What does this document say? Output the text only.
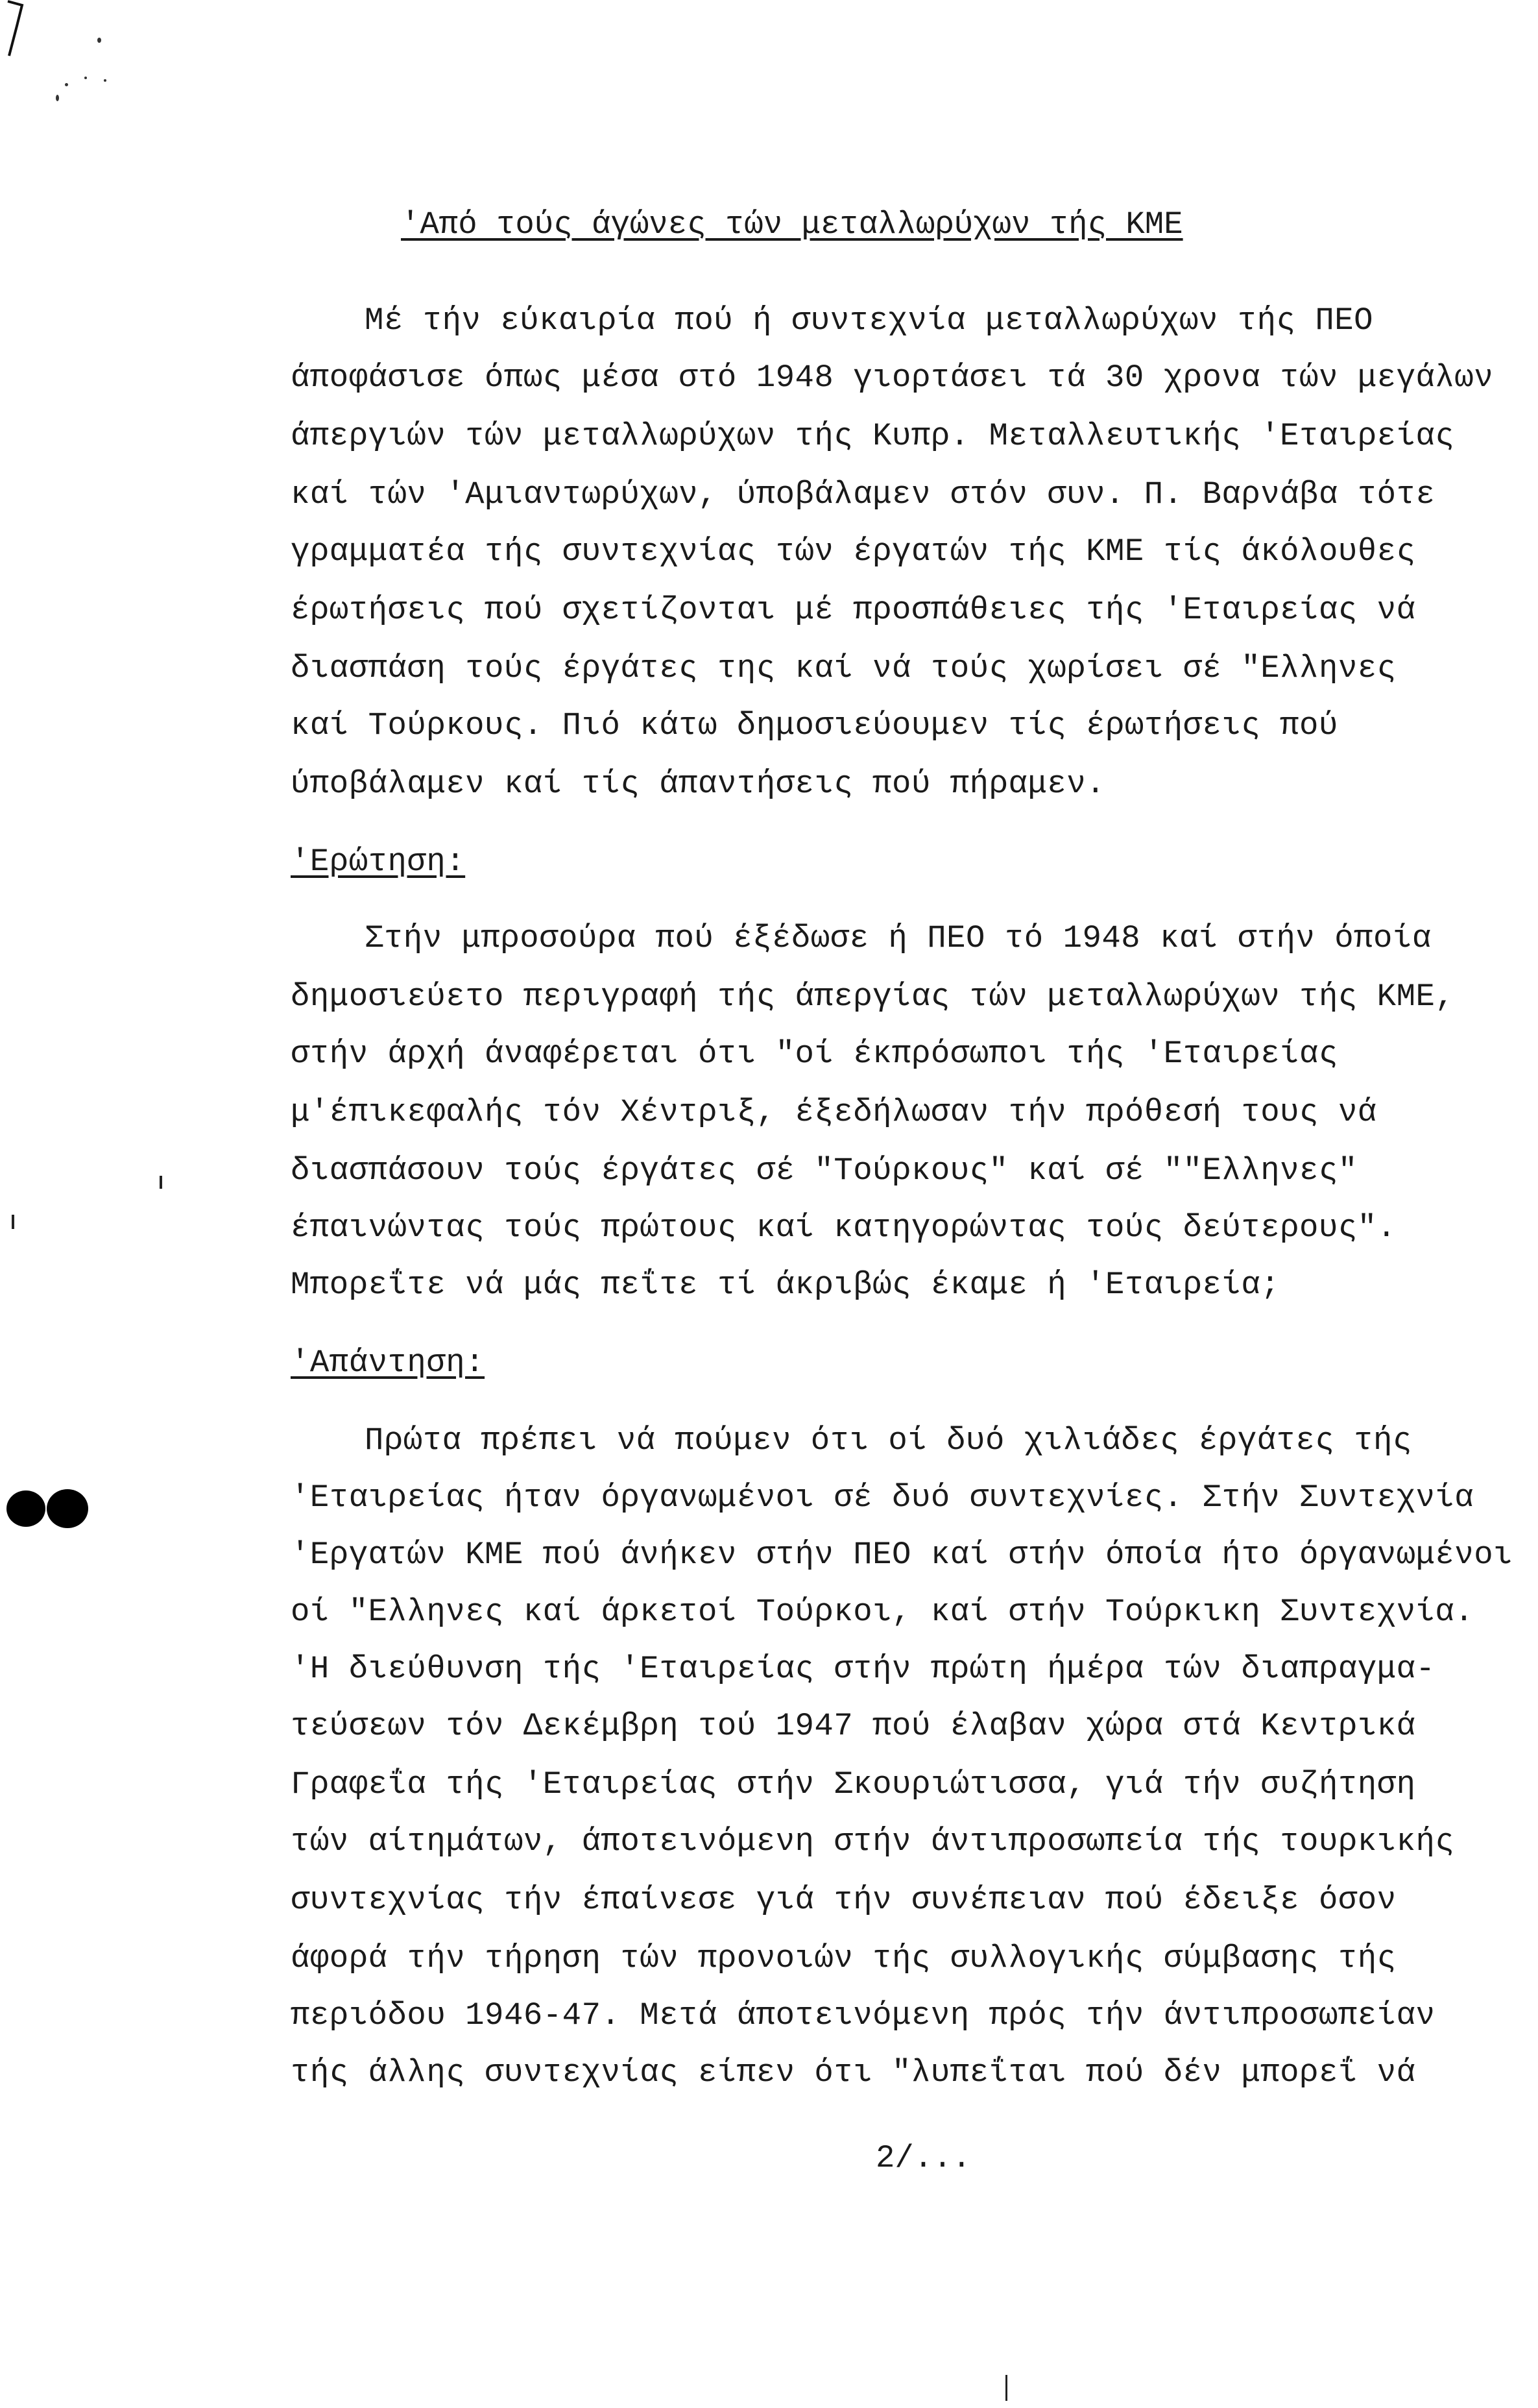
'Από τούς άγώνες τών μεταλλωρύχων τής ΚΜΕ
Μέ τήν εύκαιρία πού ή συντεχνία μεταλλωρύχων τής ΠΕΟ
άποφάσισε όπως μέσα στό 1948 γιορτάσει τά 30 χρονα τών μεγάλων
άπεργιών τών μεταλλωρύχων τής Κυπρ. Μεταλλευτικής 'Εταιρείας
καί τών 'Αμιαντωρύχων, ύποβάλαμεν στόν συν. Π. Βαρνάβα τότε
γραμματέα τής συντεχνίας τών έργατών τής ΚΜΕ τίς άκόλουθες
έρωτήσεις πού σχετίζονται μέ προσπάθειες τής 'Εταιρείας νά
διασπάση τούς έργάτες της καί νά τούς χωρίσει σέ "Ελληνες
καί Τούρκους. Πιό κάτω δημοσιεύουμεν τίς έρωτήσεις πού
ύποβάλαμεν καί τίς άπαντήσεις πού πήραμεν.
'Ερώτηση:
Στήν μπροσούρα πού έξέδωσε ή ΠΕΟ τό 1948 καί στήν όποία
δημοσιεύετο περιγραφή τής άπεργίας τών μεταλλωρύχων τής ΚΜΕ,
στήν άρχή άναφέρεται ότι "οί έκπρόσωποι τής 'Εταιρείας
μ'έπικεφαλής τόν Χέντριξ, έξεδήλωσαν τήν πρόθεσή τους νά
διασπάσουν τούς έργάτες σέ "Τούρκους" καί σέ ""Ελληνες"
έπαινώντας τούς πρώτους καί κατηγορώντας τούς δεύτερους".
Μπορεΐτε νά μάς πεΐτε τί άκριβώς έκαμε ή 'Εταιρεία;
'Απάντηση:
Πρώτα πρέπει νά πούμεν ότι οί δυό χιλιάδες έργάτες τής
'Εταιρείας ήταν όργανωμένοι σέ δυό συντεχνίες. Στήν Συντεχνία
'Εργατών ΚΜΕ πού άνήκεν στήν ΠΕΟ καί στήν όποία ήτο όργανωμένοι
οί "Ελληνες καί άρκετοί Τούρκοι, καί στήν Τούρκικη Συντεχνία.
'Η διεύθυνση τής 'Εταιρείας στήν πρώτη ήμέρα τών διαπραγμα-
τεύσεων τόν Δεκέμβρη τού 1947 πού έλαβαν χώρα στά Κεντρικά
Γραφεΐα τής 'Εταιρείας στήν Σκουριώτισσα, γιά τήν συζήτηση
τών αίτημάτων, άποτεινόμενη στήν άντιπροσωπεία τής τουρκικής
συντεχνίας τήν έπαίνεσε γιά τήν συνέπειαν πού έδειξε όσον
άφορά τήν τήρηση τών προνοιών τής συλλογικής σύμβασης τής
περιόδου 1946-47. Μετά άποτεινόμενη πρός τήν άντιπροσωπείαν
τής άλλης συντεχνίας είπεν ότι "λυπεΐται πού δέν μπορεΐ νά
2/...
